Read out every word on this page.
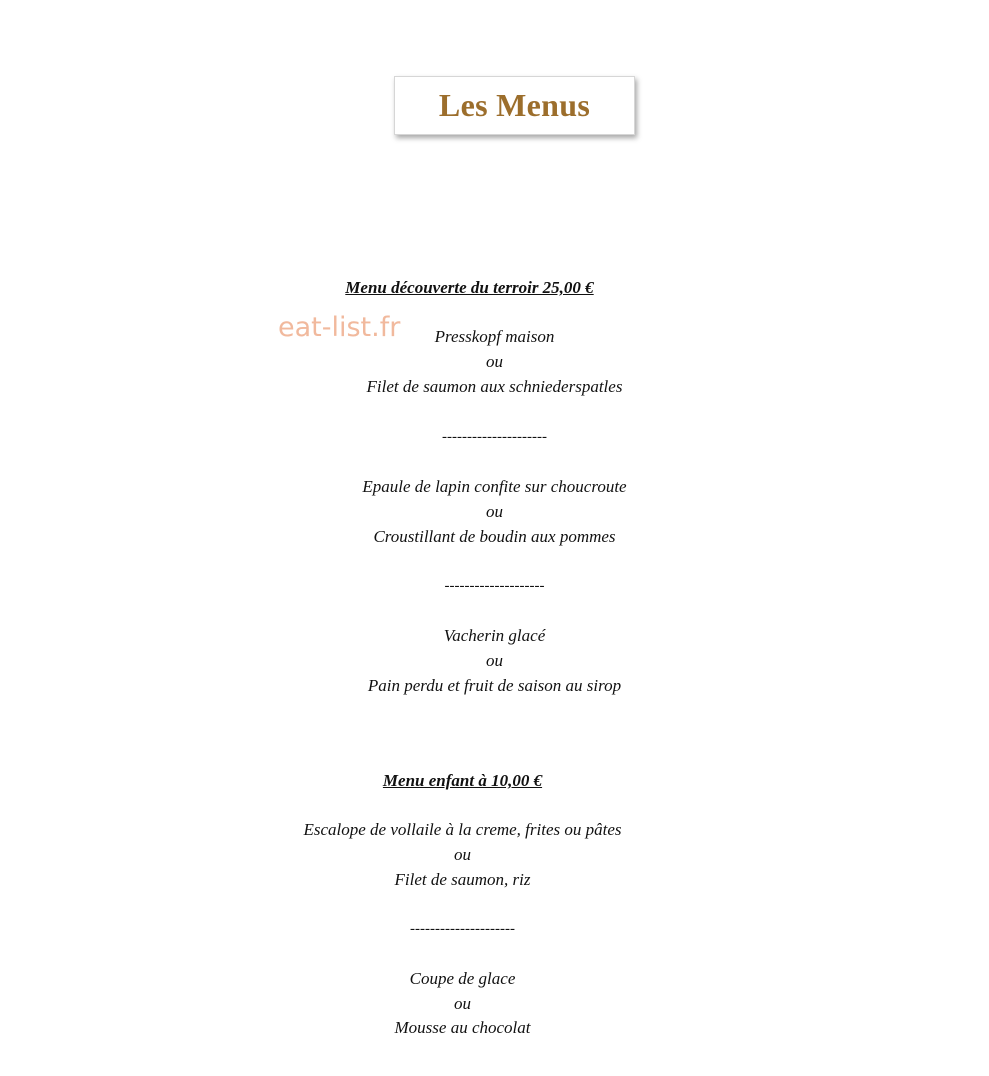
Les Menus
eat-list.fr
Menu découverte du terroir 25,00 €
Presskopf maison
ou
Filet de saumon aux schniederspatles
---------------------
Epaule de lapin confite sur choucroute
ou
Croustillant de boudin aux pommes
--------------------
Vacherin glacé
ou
Pain perdu et fruit de saison au sirop
Menu enfant à 10,00 €
Escalope de vollaile à la creme, frites ou pâtes
ou
Filet de saumon, riz
---------------------
Coupe de glace
ou
Mousse au chocolat
